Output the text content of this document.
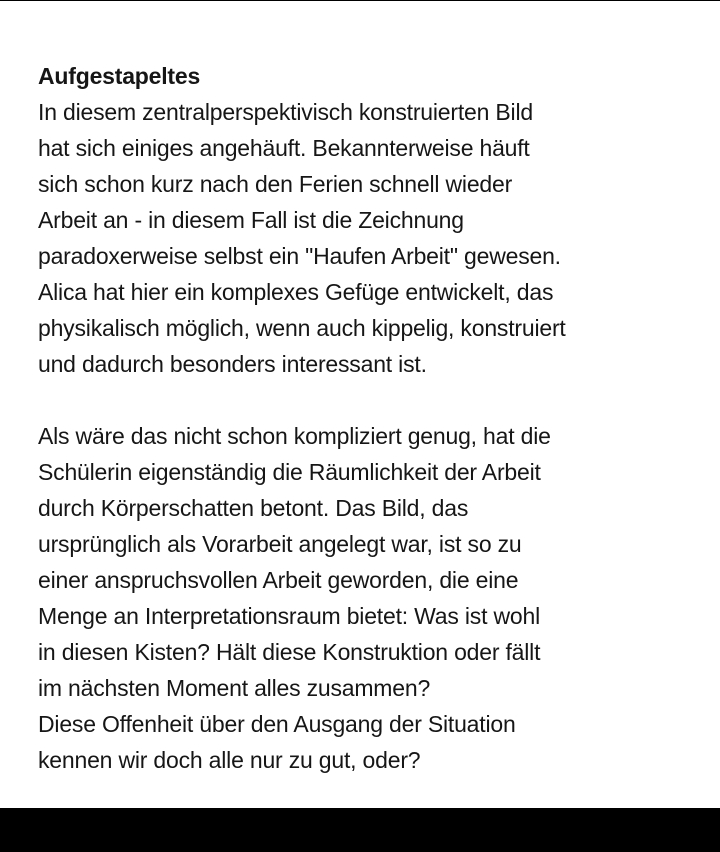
Aufgestapeltes

In diesem zentralperspektivisch konstruierten Bild
hat sich einiges angehäuft. Bekannterweise häuft
sich schon kurz nach den Ferien schnell wieder
Arbeit an - in diesem Fall ist die Zeichnung
paradoxerweise selbst ein "Haufen Arbeit" gewesen.
Alica hat hier ein komplexes Gefüge entwickelt, das
physikalisch möglich, wenn auch kippelig, konstruiert
und dadurch besonders interessant ist.

Als wäre das nicht schon kompliziert genug, hat die
Schülerin eigenständig die Räumlichkeit der Arbeit
durch Körperschatten betont. Das Bild, das
ursprünglich als Vorarbeit angelegt war, ist so zu
einer anspruchsvollen Arbeit geworden, die eine
Menge an Interpretationsraum bietet: Was ist wohl
in diesen Kisten? Hält diese Konstruktion oder fällt
im nächsten Moment alles zusammen?
Diese Offenheit über den Ausgang der Situation
kennen wir doch alle nur zu gut, oder?
